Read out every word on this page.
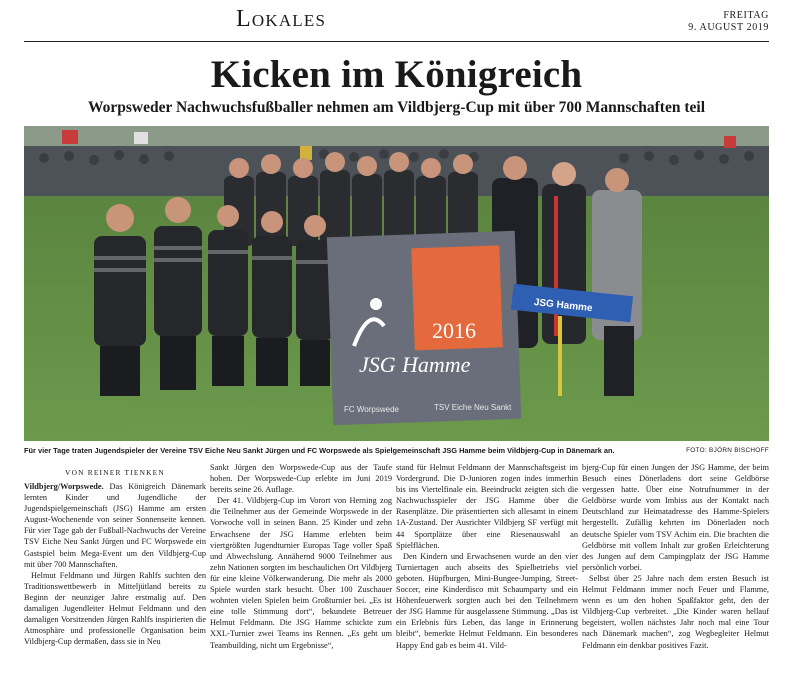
Lokales	FREITAG
9. AUGUST 2019
Kicken im Königreich
Worpsweder Nachwuchsfußballer nehmen am Vildbjerg-Cup mit über 700 Mannschaften teil
JSG Hamme
2016
FC Worpswede	TSV Eiche Neu Sankt
JSG Hamme
Für vier Tage traten Jugendspieler der Vereine TSV Eiche Neu Sankt Jürgen und FC Worpswede als Spielgemeinschaft JSG Hamme beim Vildbjerg-Cup in Dänemark an.	FOTO: BJÖRN BISCHOFF
VON REINER TIENKEN

Vildbjerg/Worpswede. Das Königreich Dänemark lernten Kinder und Jugendliche der Jugendspielgemeinschaft (JSG) Hamme am ersten August-Wochenende von seiner Sonnenseite kennen. Für vier Tage gab der Fußball-Nachwuchs der Vereine TSV Eiche Neu Sankt Jürgen und FC Worpswede ein Gastspiel beim Mega-Event um den Vildbjerg-Cup mit über 700 Mannschaften.

Helmut Feldmann und Jürgen Rahlfs suchten den Traditionswettbewerb in Mitteljütland bereits zu Beginn der neunziger Jahre erstmalig auf. Den damaligen Jugendleiter Helmut Feldmann und den damaligen Vorsitzenden Jürgen Rahlfs inspirierten die Atmosphäre und professionelle Organisation beim Vildbjerg-Cup dermaßen, dass sie in Neu

Sankt Jürgen den Worpswede-Cup aus der Taufe hoben. Der Worpswede-Cup erlebte im Juni 2019 bereits seine 26. Auflage.

Der 41. Vildbjerg-Cup im Vorort von Herning zog die Teilnehmer aus der Gemeinde Worpswede in der Vorwoche voll in seinen Bann. 25 Kinder und zehn Erwachsene der JSG Hamme erlebten beim viertgrößten Jugendturnier Europas Tage voller Spaß und Abwechslung. Annähernd 9000 Teilnehmer aus zehn Nationen sorgten im beschaulichen Ort Vildbjerg für eine kleine Völkerwanderung. Die mehr als 2000 Spiele wurden stark besucht. Über 100 Zuschauer wohnten vielen Spielen beim Großturnier bei. „Es ist eine tolle Stimmung dort“, bekundete Betreuer Helmut Feldmann. Die JSG Hamme schickte zum XXL-Turnier zwei Teams ins Rennen. „Es geht um Teambuilding, nicht um Ergebnisse“,

stand für Helmut Feldmann der Mannschaftsgeist im Vordergrund. Die D-Junioren zogen indes immerhin bis ins Viertelfinale ein. Beeindruckt zeigten sich die Nachwuchsspieler der JSG Hamme über die Rasenplätze. Die präsentierten sich allesamt in einem 1A-Zustand. Der Ausrichter Vildbjerg SF verfügt mit 44 Sportplätze über eine Riesenauswahl an Spielflächen.

Den Kindern und Erwachsenen wurde an den vier Turniertagen auch abseits des Spielbetriebs viel geboten. Hüpfburgen, Mini-Bungee-Jumping, Street-Soccer, eine Kinderdisco mit Schaumparty und ein Höhenfeuerwerk sorgten auch bei den Teilnehmern der JSG Hamme für ausgelassene Stimmung. „Das ist ein Erlebnis fürs Leben, das lange in Erinnerung bleibt“, bemerkte Helmut Feldmann. Ein besonderes Happy End gab es beim 41. Vild-

bjerg-Cup für einen Jungen der JSG Hamme, der beim Besuch eines Dönerladens dort seine Geldbörse vergessen hatte. Über eine Notrufnummer in der Geldbörse wurde vom Imbiss aus der Kontakt nach Deutschland zur Heimatadresse des Hamme-Spielers hergestellt. Zufällig kehrten im Dönerladen noch deutsche Spieler vom TSV Achim ein. Die brachten die Geldbörse mit vollem Inhalt zur großen Erleichterung des Jungen auf dem Campingplatz der JSG Hamme persönlich vorbei.

Selbst über 25 Jahre nach dem ersten Besuch ist Helmut Feldmann immer noch Feuer und Flamme, wenn es um den hohen Spaßfaktor geht, den der Vildbjerg-Cup verbreitet. „Die Kinder waren hellauf begeistert, wollen nächstes Jahr noch mal eine Tour nach Dänemark machen“, zog Wegbegleiter Helmut Feldmann ein denkbar positives Fazit.
